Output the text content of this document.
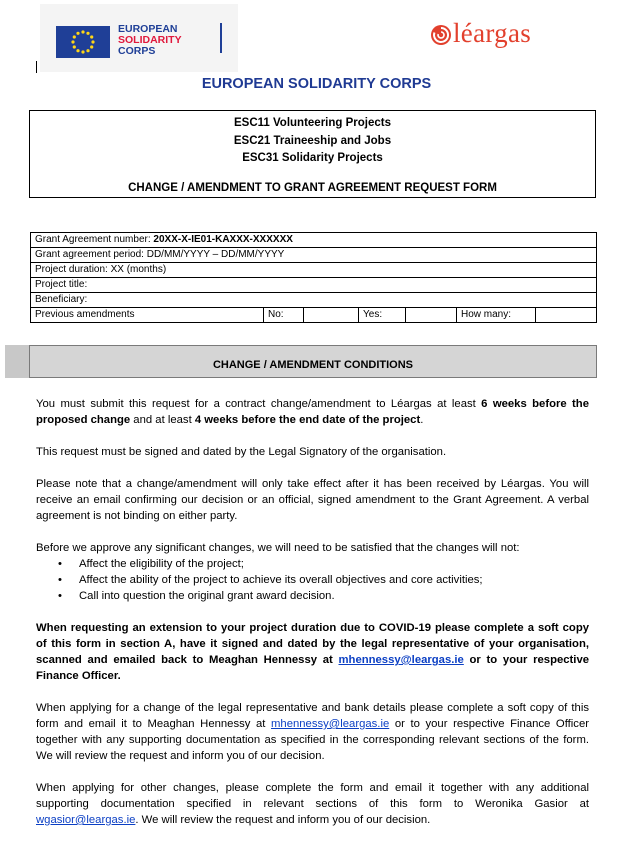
EUROPEAN
SOLIDARITY
CORPS
léargas
EUROPEAN SOLIDARITY CORPS
ESC11 Volunteering Projects
ESC21 Traineeship and Jobs
ESC31 Solidarity Projects
CHANGE / AMENDMENT TO GRANT AGREEMENT REQUEST FORM
Grant Agreement number: 20XX-X-IE01-KAXXX-XXXXXX
Grant agreement period: DD/MM/YYYY – DD/MM/YYYY
Project duration: XX (months)
Project title:
Beneficiary:
Previous amendments	No:		Yes:		How many:	
CHANGE / AMENDMENT CONDITIONS

You must submit this request for a contract change/amendment to Léargas at least 6 weeks before the proposed change and at least 4 weeks before the end date of the project.

This request must be signed and dated by the Legal Signatory of the organisation.

Please note that a change/amendment will only take effect after it has been received by Léargas. You will receive an email confirming our decision or an official, signed amendment to the Grant Agreement. A verbal agreement is not binding on either party.

Before we approve any significant changes, we will need to be satisfied that the changes will not:

• Affect the eligibility of the project;
• Affect the ability of the project to achieve its overall objectives and core activities;
• Call into question the original grant award decision.

When requesting an extension to your project duration due to COVID-19 please complete a soft copy of this form in section A, have it signed and dated by the legal representative of your organisation, scanned and emailed back to Meaghan Hennessy at mhennessy@leargas.ie or to your respective Finance Officer.

When applying for a change of the legal representative and bank details please complete a soft copy of this form and email it to Meaghan Hennessy at mhennessy@leargas.ie or to your respective Finance Officer together with any supporting documentation as specified in the corresponding relevant sections of the form. We will review the request and inform you of our decision.

When applying for other changes, please complete the form and email it together with any additional supporting documentation specified in relevant sections of this form to Weronika Gasior at wgasior@leargas.ie. We will review the request and inform you of our decision.
